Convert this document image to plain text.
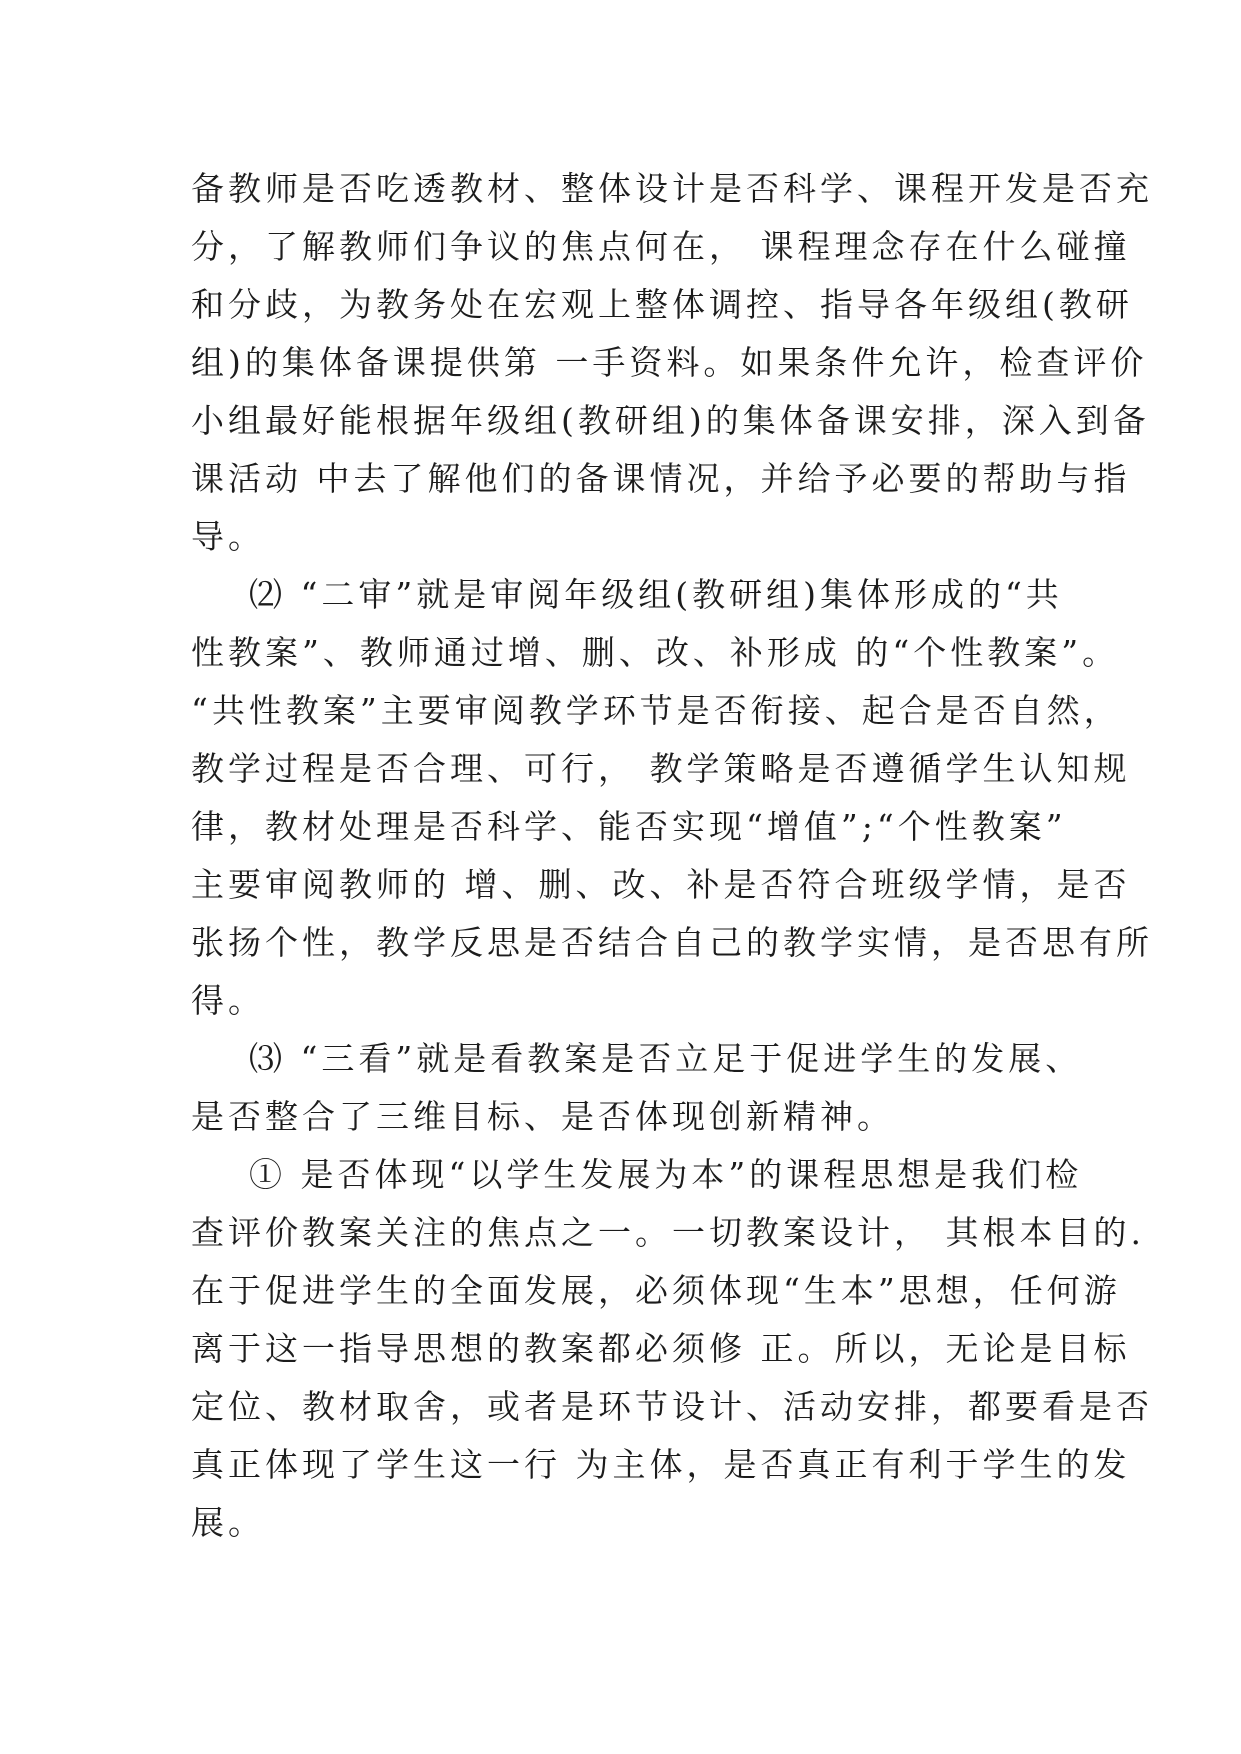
备教师是否吃透教材、整体设计是否科学、课程开发是否充
分，了解教师们争议的焦点何在， 课程理念存在什么碰撞
和分歧，为教务处在宏观上整体调控、指导各年级组(教研
组)的集体备课提供第 一手资料。如果条件允许，检查评价
小组最好能根据年级组(教研组)的集体备课安排，深入到备
课活动 中去了解他们的备课情况，并给予必要的帮助与指
导。
⑵ “二审”就是审阅年级组(教研组)集体形成的“共
性教案”、教师通过增、删、改、补形成 的“个性教案”。
“共性教案”主要审阅教学环节是否衔接、起合是否自然，
教学过程是否合理、可行， 教学策略是否遵循学生认知规
律，教材处理是否科学、能否实现“增值”;“个性教案”
主要审阅教师的 增、删、改、补是否符合班级学情，是否
张扬个性，教学反思是否结合自己的教学实情，是否思有所
得。
⑶ “三看”就是看教案是否立足于促进学生的发展、
是否整合了三维目标、是否体现创新精神。
① 是否体现“以学生发展为本”的课程思想是我们检
查评价教案关注的焦点之一。一切教案设计， 其根本目的.
在于促进学生的全面发展，必须体现“生本”思想，任何游
离于这一指导思想的教案都必须修 正。所以，无论是目标
定位、教材取舍，或者是环节设计、活动安排，都要看是否
真正体现了学生这一行 为主体，是否真正有利于学生的发
展。
